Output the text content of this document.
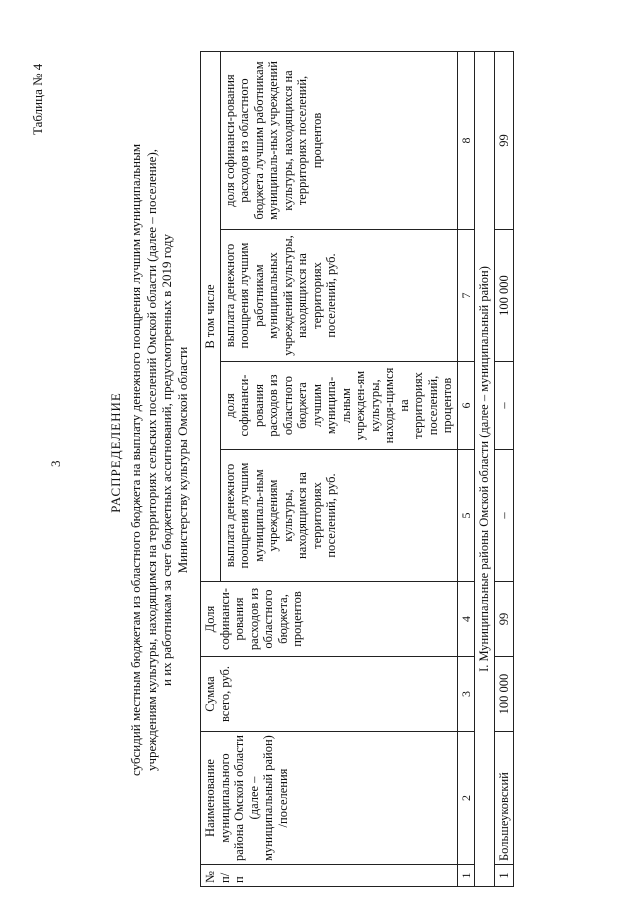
3
Таблица № 4
РАСПРЕДЕЛЕНИЕ субсидий местным бюджетам из областного бюджета на выплату денежного поощрения лучшим муниципальным учреждениям культуры, находящимся на территориях сельских поселений Омской области (далее – поселение), и их работникам за счет бюджетных ассигнований, предусмотренных в 2019 году Министерству культуры Омской области
№ п/п	Наименование муниципального района Омской области (далее – муниципальный район) /поселения	Сумма всего, руб.	Доля софинанси-рования расходов из областного бюджета, процентов	В том числе			
				выплата денежного поощрения лучшим муниципаль-ным учреждениям культуры, находящимся на территориях поселений, руб.	доля софинанси-рования расходов из областного бюджета лучшим муниципа-льным учрежден-ям культуры, находя-щимся на территориях поселений, процентов	выплата денежного поощрения лучшим работникам муниципальных учреждений культуры, находящихся на территориях поселений, руб.	доля софинанси-рования расходов из областного бюджета лучшим работникам муниципаль-ных учреждений культуры, находящихся на территориях поселений, процентов
1	2	3	4	5	6	7	8
I. Муниципальные районы Омской области (далее – муниципальный район)							
1	Большеуковский	100 000	99	–	–	100 000	99
